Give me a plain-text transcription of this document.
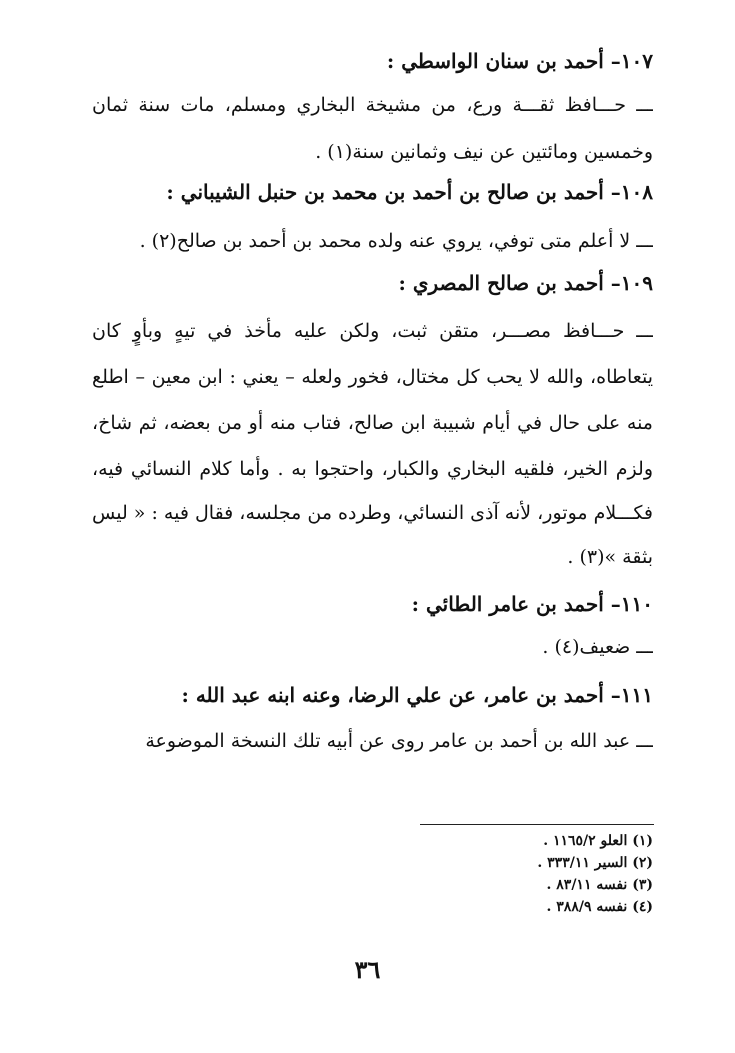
١٠٧– أحمد بن سنان الواسطي :
ـــ حـــافظ ثقـــة ورع، من مشيخة البخاري ومسلم، مات سنة ثمان
وخمسين ومائتين عن نيف وثمانين سنة(١) .
١٠٨– أحمد بن صالح بن أحمد بن محمد بن حنبل الشيباني :
ـــ لا أعلم متى توفي، يروي عنه ولده محمد بن أحمد بن صالح(٢) .
١٠٩– أحمد بن صالح المصري :
ـــ حـــافظ مصـــر، متقن ثبت، ولكن عليه مأخذ في تيهٍ وبأوٍ كان
يتعاطاه، والله لا يحب كل مختال، فخور ولعله – يعني : ابن معين – اطلع
منه على حال في أيام شبيبة ابن صالح، فتاب منه أو من بعضه، ثم شاخ،
ولزم الخير، فلقيه البخاري والكبار، واحتجوا به . وأما كلام النسائي فيه،
فكـــلام موتور، لأنه آذى النسائي، وطرده من مجلسه، فقال فيه : « ليس
بثقة »(٣) .
١١٠– أحمد بن عامر الطائي :
ـــ ضعيف(٤) .
١١١– أحمد بن عامر، عن علي الرضا، وعنه ابنه عبد الله :
ـــ عبد الله بن أحمد بن عامر روى عن أبيه تلك النسخة الموضوعة
(١) العلو ١١٦٥/٢ .
(٢) السير ٣٣٣/١١ .
(٣) نفسه ٨٣/١١ .
(٤) نفسه ٣٨٨/٩ .
٣٦
